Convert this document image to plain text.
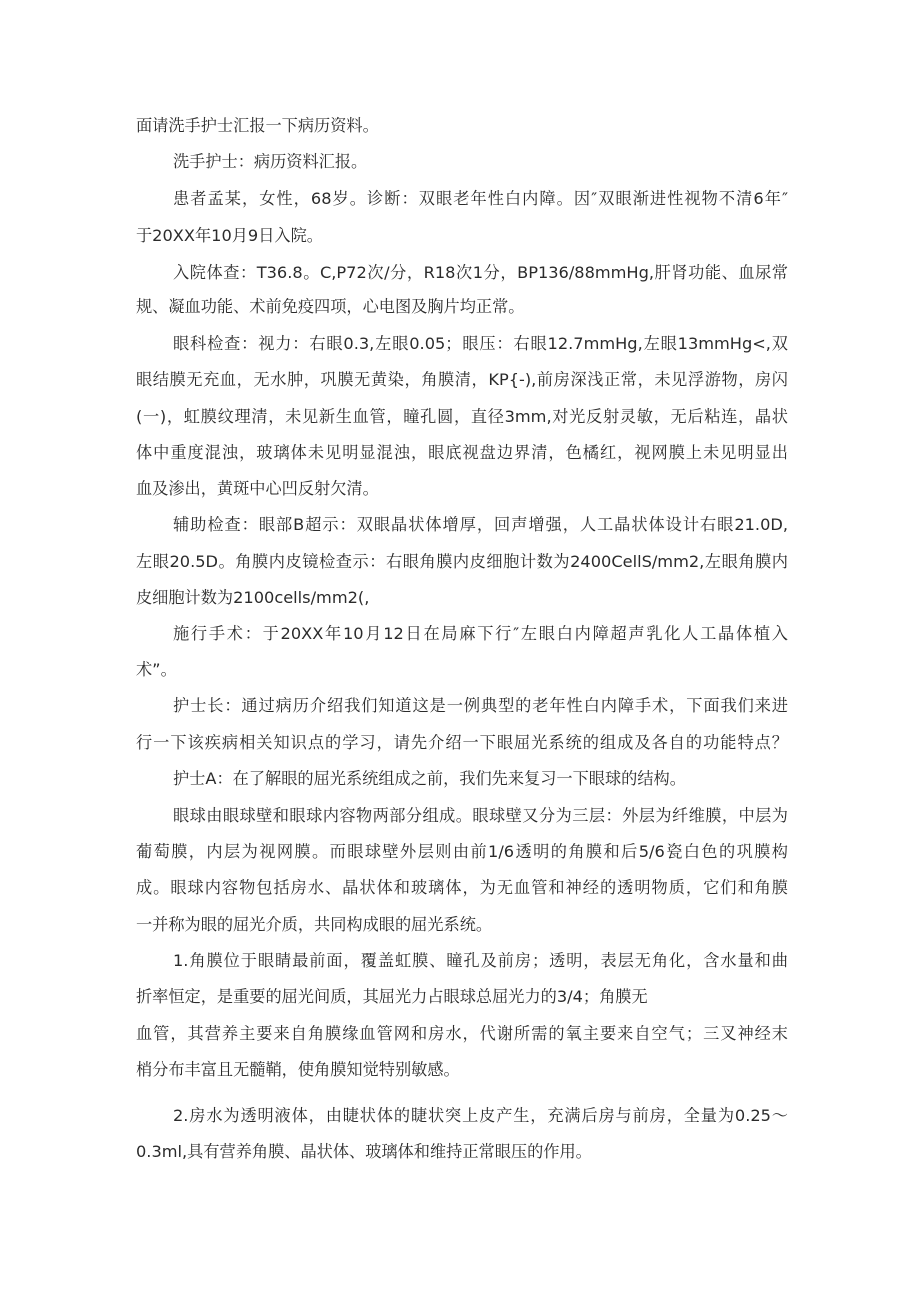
面请洗手护士汇报一下病历资料。
洗手护士：病历资料汇报。
患者孟某，女性，68岁。诊断：双眼老年性白内障。因″双眼渐进性视物不清6年″
于20XX年10月9日入院。
入院体查：T36.8。C,P72次/分，R18次1分，BP136∕88mmHg,肝肾功能、血尿常
规、凝血功能、术前免疫四项，心电图及胸片均正常。
眼科检查：视力：右眼0.3,左眼0.05；眼压：右眼12.7mmHg,左眼13mmHg<,双
眼结膜无充血，无水肿，巩膜无黄染，角膜清，KP{-),前房深浅正常，未见浮游物，房闪
(一)，虹膜纹理清，未见新生血管，瞳孔圆，直径3mm,对光反射灵敏，无后粘连，晶状
体中重度混浊，玻璃体未见明显混浊，眼底视盘边界清，色橘红，视网膜上未见明显出
血及渗出，黄斑中心凹反射欠清。
辅助检查：眼部B超示：双眼晶状体增厚，回声增强，人工晶状体设计右眼21.0D,
左眼20.5D。角膜内皮镜检查示：右眼角膜内皮细胞计数为2400CellS/mm2,左眼角膜内
皮细胞计数为2100cells/mm2(,
施行手术：于20XX年10月12日在局麻下行″左眼白内障超声乳化人工晶体植入
术”。
护士长：通过病历介绍我们知道这是一例典型的老年性白内障手术，下面我们来进
行一下该疾病相关知识点的学习，请先介绍一下眼屈光系统的组成及各自的功能特点？
护士A：在了解眼的屈光系统组成之前，我们先来复习一下眼球的结构。
眼球由眼球壁和眼球内容物两部分组成。眼球壁又分为三层：外层为纤维膜，中层为
葡萄膜，内层为视网膜。而眼球壁外层则由前1/6透明的角膜和后5/6瓷白色的巩膜构
成。眼球内容物包括房水、晶状体和玻璃体，为无血管和神经的透明物质，它们和角膜
一并称为眼的屈光介质，共同构成眼的屈光系统。
1.角膜位于眼睛最前面，覆盖虹膜、瞳孔及前房；透明，表层无角化，含水量和曲
折率恒定，是重要的屈光间质，其屈光力占眼球总屈光力的3/4；角膜无
血管，其营养主要来自角膜缘血管网和房水，代谢所需的氧主要来自空气；三叉神经末
梢分布丰富且无髓鞘，使角膜知觉特别敏感。
2.房水为透明液体，由睫状体的睫状突上皮产生，充满后房与前房，全量为0.25～
0.3ml,具有营养角膜、晶状体、玻璃体和维持正常眼压的作用。
